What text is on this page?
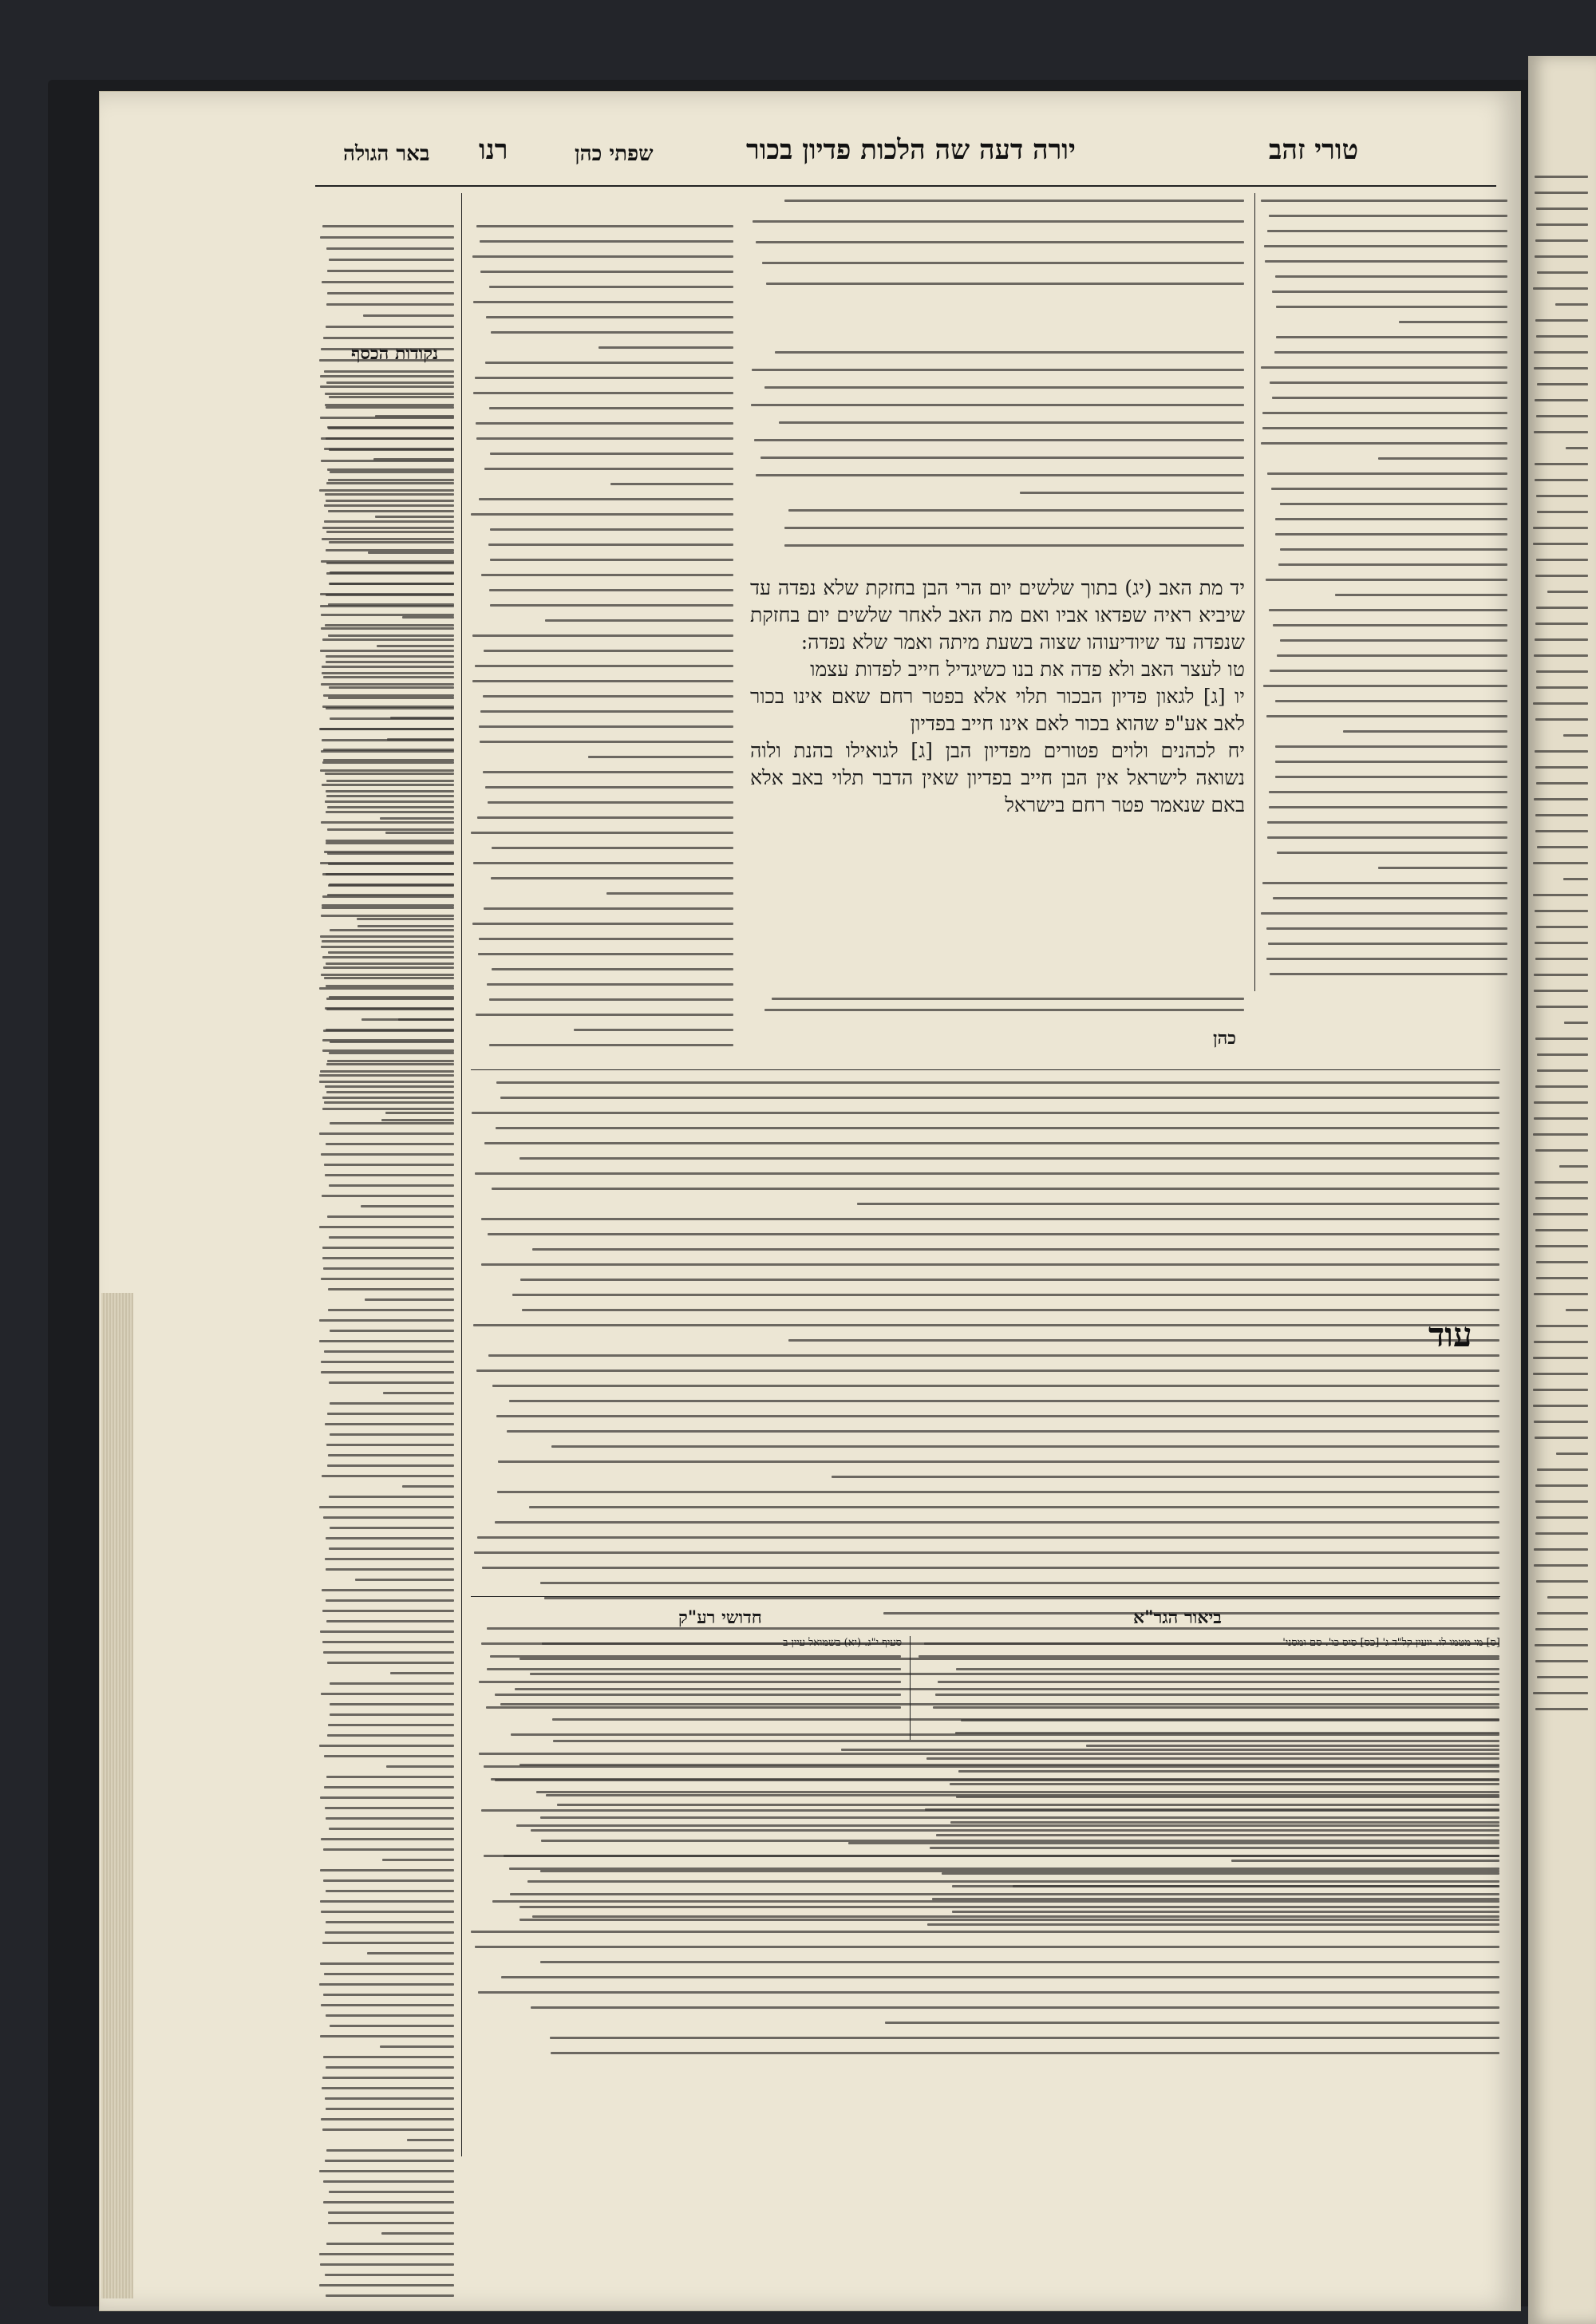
טורי זהב
יורה דעה שה הלכות פדיון בכור
שפתי כהן
רנו
באר הגולה
נקודות הכסף

יד מת האב (יג) בתוך שלשים יום הרי הבן בחזקת שלא נפדה עד שיביא ראיה שפדאו אביו ואם מת האב לאחר שלשים יום בחזקת שנפדה עד שיודיעוהו שצוה בשעת מיתה ואמר שלא נפדה:

טו לעצר האב ולא פדה את בנו כשיגדיל חייב לפדות עצמו

יו [ג] לגאון פדיון הבכור תלוי אלא בפטר רחם שאם אינו בכור לאב אע"פ שהוא בכור לאם אינו חייב בפדיון

יח לכהנים ולוים פטורים מפדיון הבן [ג] לגואילו בהנת ולוה נשואה לישראל אין הבן חייב בפדיון שאין הדבר תלוי באב אלא באם שנאמר פטר רחם בישראל

כהן
עוד
ביאור הגר"א
חדושי רע"ק
[ס] מי מטמו לו. יועין קל"ד ג' [כס] סיס כו'. סם ומסני'
סעיף י"ג. (יא) בשמואל עיין ב
